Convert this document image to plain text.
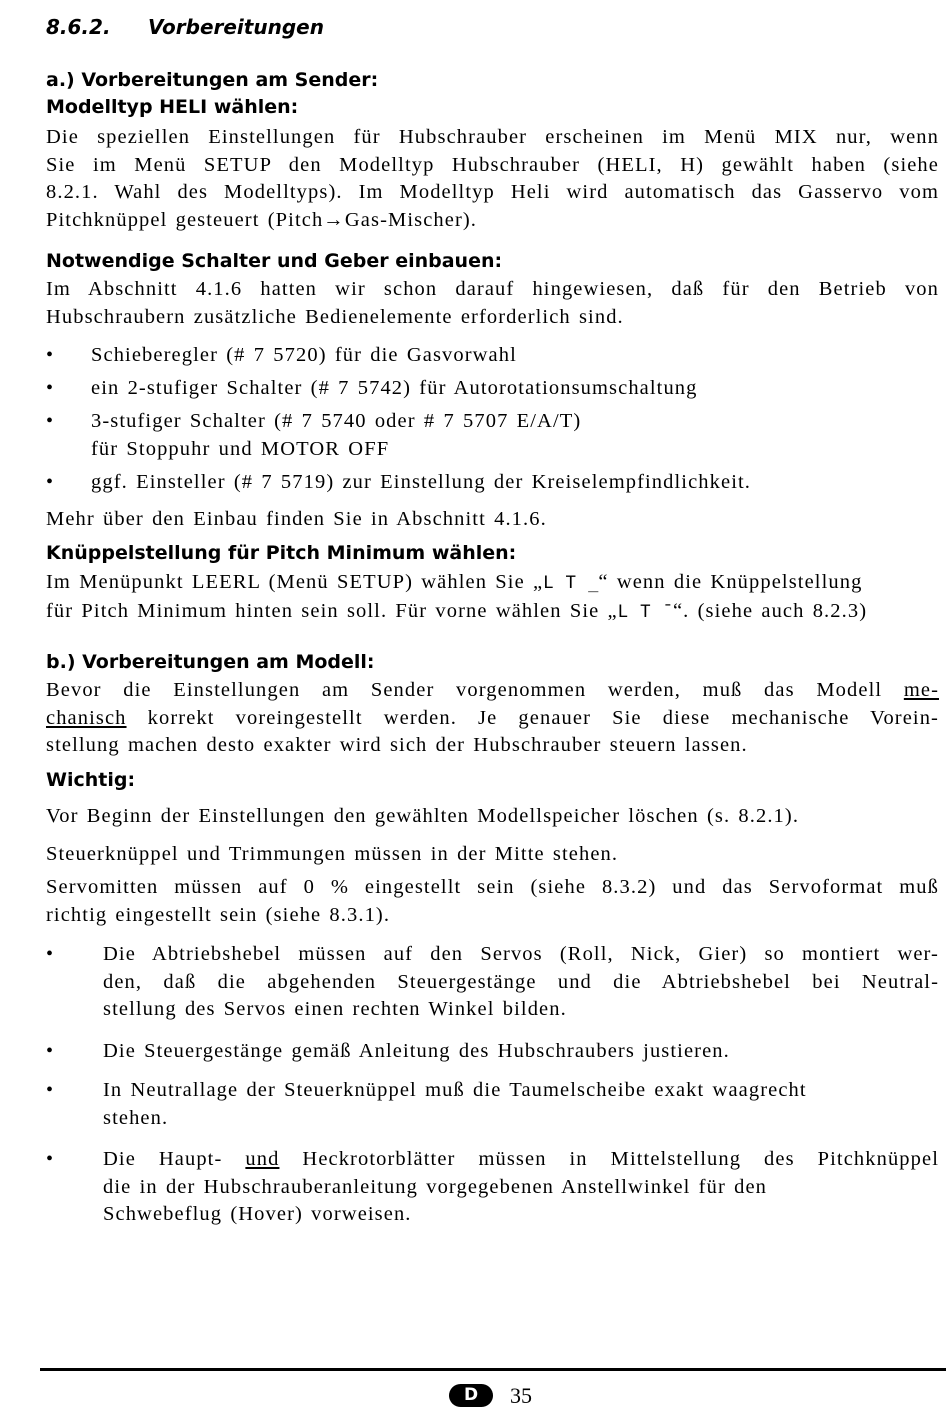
8.6.2. Vorbereitungen
a.) Vorbereitungen am Sender:
Modelltyp HELI wählen:
Die speziellen Einstellungen für Hubschrauber erscheinen im Menü MIX nur, wenn
Sie im Menü SETUP den Modelltyp Hubschrauber (HELI, H) gewählt haben (siehe
8.2.1. Wahl des Modelltyps). Im Modelltyp Heli wird automatisch das Gasservo vom
Pitchknüppel gesteuert (Pitch→Gas-Mischer).
Notwendige Schalter und Geber einbauen:
Im Abschnitt 4.1.6 hatten wir schon darauf hingewiesen, daß für den Betrieb von
Hubschraubern zusätzliche Bedienelemente erforderlich sind.
• Schieberegler (# 7 5720) für die Gasvorwahl
• ein 2-stufiger Schalter (# 7 5742) für Autorotationsumschaltung
• 3-stufiger Schalter (# 7 5740 oder # 7 5707 E/A/T)
für Stoppuhr und MOTOR OFF
• ggf. Einsteller (# 7 5719) zur Einstellung der Kreiselempfindlichkeit.
Mehr über den Einbau finden Sie in Abschnitt 4.1.6.
Knüppelstellung für Pitch Minimum wählen:
Im Menüpunkt LEERL (Menü SETUP) wählen Sie „L T _“ wenn die Knüppelstellung
für Pitch Minimum hinten sein soll. Für vorne wählen Sie „L T ¯“. (siehe auch 8.2.3)
b.) Vorbereitungen am Modell:
Bevor die Einstellungen am Sender vorgenommen werden, muß das Modell me-
chanisch korrekt voreingestellt werden. Je genauer Sie diese mechanische Vorein-
stellung machen desto exakter wird sich der Hubschrauber steuern lassen.
Wichtig:
Vor Beginn der Einstellungen den gewählten Modellspeicher löschen (s. 8.2.1).
Steuerknüppel und Trimmungen müssen in der Mitte stehen.
Servomitten müssen auf 0 % eingestellt sein (siehe 8.3.2) und das Servoformat muß
richtig eingestellt sein (siehe 8.3.1).
• Die Abtriebshebel müssen auf den Servos (Roll, Nick, Gier) so montiert wer-
den, daß die abgehenden Steuergestänge und die Abtriebshebel bei Neutral-
stellung des Servos einen rechten Winkel bilden.
• Die Steuergestänge gemäß Anleitung des Hubschraubers justieren.
• In Neutrallage der Steuerknüppel muß die Taumelscheibe exakt waagrecht
stehen.
• Die Haupt- und Heckrotorblätter müssen in Mittelstellung des Pitchknüppel
die in der Hubschrauberanleitung vorgegebenen Anstellwinkel für den
Schwebeflug (Hover) vorweisen.
D	35
